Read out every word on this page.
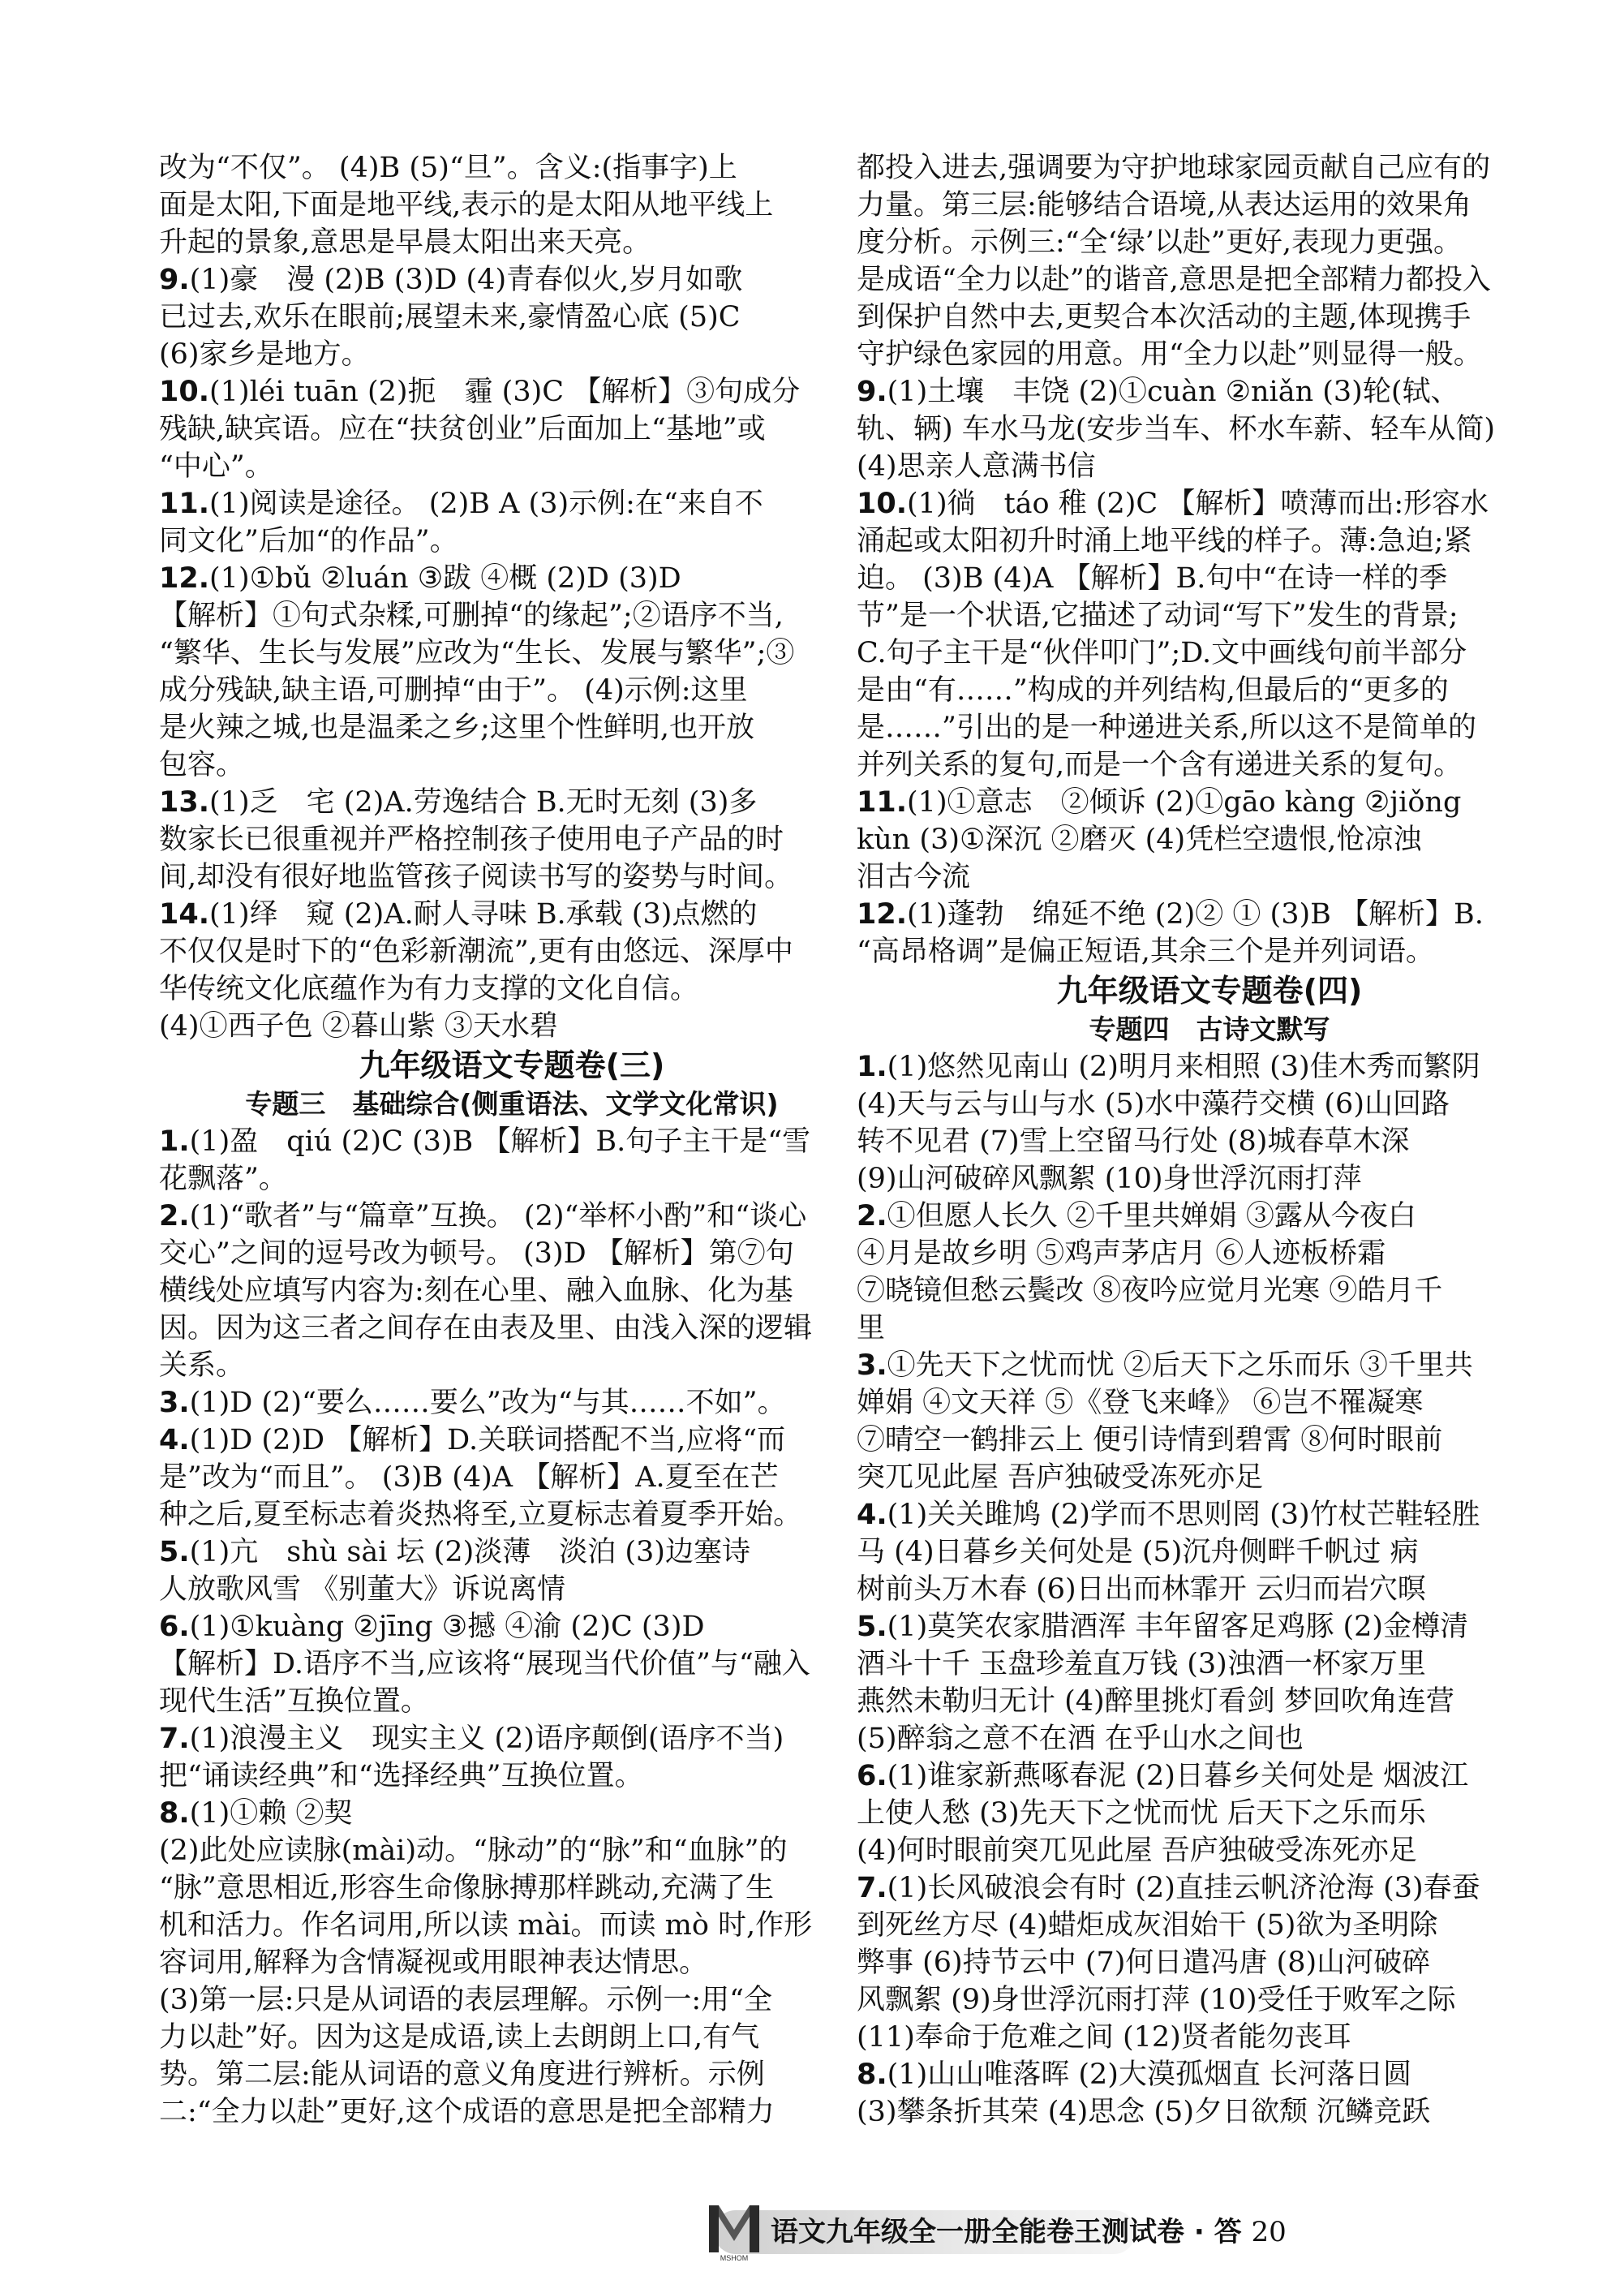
改为“不仅”。 (4)B (5)“旦”。含义:(指事字)上
面是太阳,下面是地平线,表示的是太阳从地平线上
升起的景象,意思是早晨太阳出来天亮。
9.(1)豪　漫 (2)B (3)D (4)青春似火,岁月如歌
已过去,欢乐在眼前;展望未来,豪情盈心底 (5)C
(6)家乡是地方。
10.(1)léi tuān (2)扼　霾 (3)C 【解析】③句成分
残缺,缺宾语。应在“扶贫创业”后面加上“基地”或
“中心”。
11.(1)阅读是途径。 (2)B A (3)示例:在“来自不
同文化”后加“的作品”。
12.(1)①bǔ ②luán ③跋 ④概 (2)D (3)D
【解析】①句式杂糅,可删掉“的缘起”;②语序不当,
“繁华、生长与发展”应改为“生长、发展与繁华”;③
成分残缺,缺主语,可删掉“由于”。 (4)示例:这里
是火辣之城,也是温柔之乡;这里个性鲜明,也开放
包容。
13.(1)乏　宅 (2)A.劳逸结合 B.无时无刻 (3)多
数家长已很重视并严格控制孩子使用电子产品的时
间,却没有很好地监管孩子阅读书写的姿势与时间。
14.(1)绎　窥 (2)A.耐人寻味 B.承载 (3)点燃的
不仅仅是时下的“色彩新潮流”,更有由悠远、深厚中
华传统文化底蕴作为有力支撑的文化自信。
(4)①西子色 ②暮山紫 ③天水碧
九年级语文专题卷(三)
专题三　基础综合(侧重语法、文学文化常识)
1.(1)盈　qiú (2)C (3)B 【解析】B.句子主干是“雪
花飘落”。
2.(1)“歌者”与“篇章”互换。 (2)“举杯小酌”和“谈心
交心”之间的逗号改为顿号。 (3)D 【解析】第⑦句
横线处应填写内容为:刻在心里、融入血脉、化为基
因。因为这三者之间存在由表及里、由浅入深的逻辑
关系。
3.(1)D (2)“要么……要么”改为“与其……不如”。
4.(1)D (2)D 【解析】D.关联词搭配不当,应将“而
是”改为“而且”。 (3)B (4)A 【解析】A.夏至在芒
种之后,夏至标志着炎热将至,立夏标志着夏季开始。
5.(1)亢　shù sài 坛 (2)淡薄　淡泊 (3)边塞诗
人放歌风雪 《别董大》诉说离情
6.(1)①kuàng ②jīng ③撼 ④渝 (2)C (3)D
【解析】D.语序不当,应该将“展现当代价值”与“融入
现代生活”互换位置。
7.(1)浪漫主义　现实主义 (2)语序颠倒(语序不当)
把“诵读经典”和“选择经典”互换位置。
8.(1)①赖 ②契
(2)此处应读脉(mài)动。“脉动”的“脉”和“血脉”的
“脉”意思相近,形容生命像脉搏那样跳动,充满了生
机和活力。作名词用,所以读 mài。而读 mò 时,作形
容词用,解释为含情凝视或用眼神表达情思。
(3)第一层:只是从词语的表层理解。示例一:用“全
力以赴”好。因为这是成语,读上去朗朗上口,有气
势。第二层:能从词语的意义角度进行辨析。示例
二:“全力以赴”更好,这个成语的意思是把全部精力
都投入进去,强调要为守护地球家园贡献自己应有的
力量。第三层:能够结合语境,从表达运用的效果角
度分析。示例三:“全‘绿’以赴”更好,表现力更强。
是成语“全力以赴”的谐音,意思是把全部精力都投入
到保护自然中去,更契合本次活动的主题,体现携手
守护绿色家园的用意。用“全力以赴”则显得一般。
9.(1)土壤　丰饶 (2)①cuàn ②niǎn (3)轮(轼、
轨、辆) 车水马龙(安步当车、杯水车薪、轻车从简)
(4)思亲人意满书信
10.(1)徜　táo 稚 (2)C 【解析】喷薄而出:形容水
涌起或太阳初升时涌上地平线的样子。薄:急迫;紧
迫。 (3)B (4)A 【解析】B.句中“在诗一样的季
节”是一个状语,它描述了动词“写下”发生的背景;
C.句子主干是“伙伴叩门”;D.文中画线句前半部分
是由“有……”构成的并列结构,但最后的“更多的
是……”引出的是一种递进关系,所以这不是简单的
并列关系的复句,而是一个含有递进关系的复句。
11.(1)①意志　②倾诉 (2)①gāo kàng ②jiǒng
kùn (3)①深沉 ②磨灭 (4)凭栏空遗恨,怆凉浊
泪古今流
12.(1)蓬勃　绵延不绝 (2)② ① (3)B 【解析】B.
“高昂格调”是偏正短语,其余三个是并列词语。
九年级语文专题卷(四)
专题四　古诗文默写
1.(1)悠然见南山 (2)明月来相照 (3)佳木秀而繁阴
(4)天与云与山与水 (5)水中藻荇交横 (6)山回路
转不见君 (7)雪上空留马行处 (8)城春草木深
(9)山河破碎风飘絮 (10)身世浮沉雨打萍
2.①但愿人长久 ②千里共婵娟 ③露从今夜白
④月是故乡明 ⑤鸡声茅店月 ⑥人迹板桥霜
⑦晓镜但愁云鬓改 ⑧夜吟应觉月光寒 ⑨皓月千
里
3.①先天下之忧而忧 ②后天下之乐而乐 ③千里共
婵娟 ④文天祥 ⑤《登飞来峰》 ⑥岂不罹凝寒
⑦晴空一鹤排云上 便引诗情到碧霄 ⑧何时眼前
突兀见此屋 吾庐独破受冻死亦足
4.(1)关关雎鸠 (2)学而不思则罔 (3)竹杖芒鞋轻胜
马 (4)日暮乡关何处是 (5)沉舟侧畔千帆过 病
树前头万木春 (6)日出而林霏开 云归而岩穴暝
5.(1)莫笑农家腊酒浑 丰年留客足鸡豚 (2)金樽清
酒斗十千 玉盘珍羞直万钱 (3)浊酒一杯家万里
燕然未勒归无计 (4)醉里挑灯看剑 梦回吹角连营
(5)醉翁之意不在酒 在乎山水之间也
6.(1)谁家新燕啄春泥 (2)日暮乡关何处是 烟波江
上使人愁 (3)先天下之忧而忧 后天下之乐而乐
(4)何时眼前突兀见此屋 吾庐独破受冻死亦足
7.(1)长风破浪会有时 (2)直挂云帆济沧海 (3)春蚕
到死丝方尽 (4)蜡炬成灰泪始干 (5)欲为圣明除
弊事 (6)持节云中 (7)何日遣冯唐 (8)山河破碎
风飘絮 (9)身世浮沉雨打萍 (10)受任于败军之际
(11)奉命于危难之间 (12)贤者能勿丧耳
8.(1)山山唯落晖 (2)大漠孤烟直 长河落日圆
(3)攀条折其荣 (4)思念 (5)夕日欲颓 沉鳞竞跃
MSHOM
语文九年级全一册全能卷王测试卷 · 答 20
